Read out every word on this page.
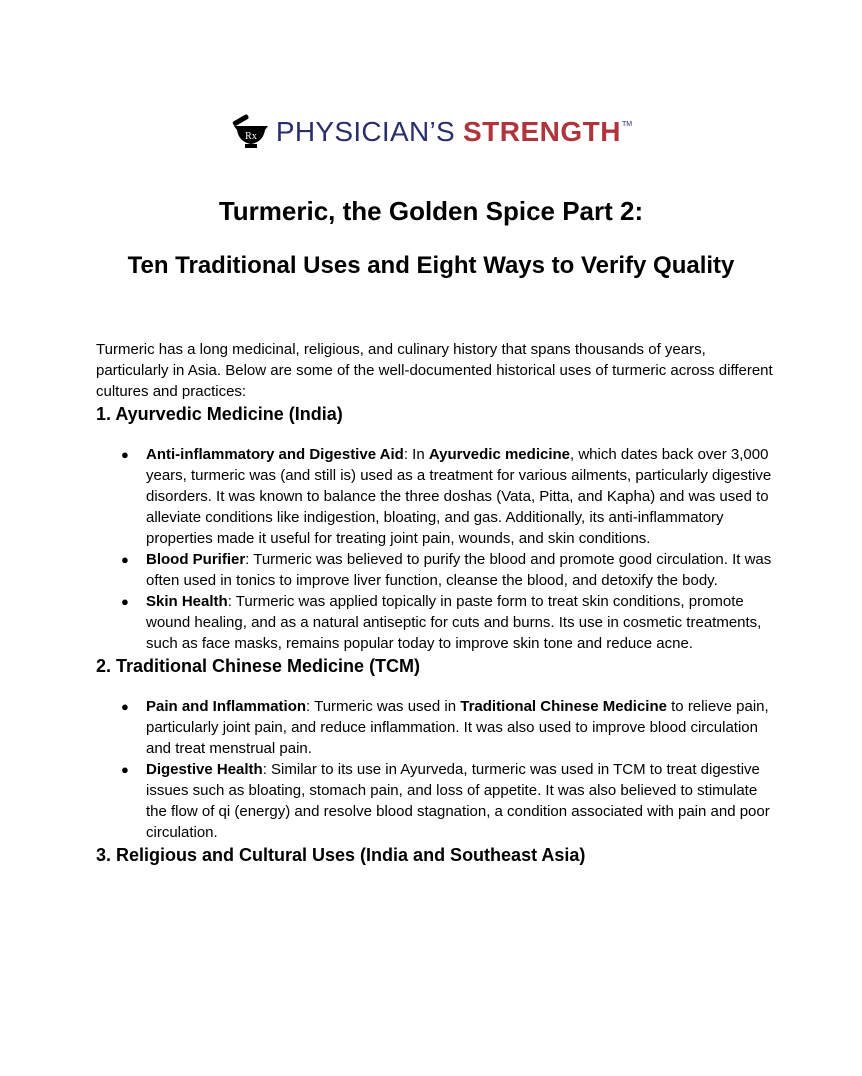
Rx PHYSICIAN’S STRENGTH TM
Turmeric, the Golden Spice Part 2:
Ten Traditional Uses and Eight Ways to Verify Quality

Turmeric has a long medicinal, religious, and culinary history that spans thousands of years, particularly in Asia. Below are some of the well-documented historical uses of turmeric across different cultures and practices:

1. Ayurvedic Medicine (India)

● Anti-inflammatory and Digestive Aid: In Ayurvedic medicine, which dates back over 3,000 years, turmeric was (and still is) used as a treatment for various ailments, particularly digestive disorders. It was known to balance the three doshas (Vata, Pitta, and Kapha) and was used to alleviate conditions like indigestion, bloating, and gas. Additionally, its anti-inflammatory properties made it useful for treating joint pain, wounds, and skin conditions.
● Blood Purifier: Turmeric was believed to purify the blood and promote good circulation. It was often used in tonics to improve liver function, cleanse the blood, and detoxify the body.
● Skin Health: Turmeric was applied topically in paste form to treat skin conditions, promote wound healing, and as a natural antiseptic for cuts and burns. Its use in cosmetic treatments, such as face masks, remains popular today to improve skin tone and reduce acne.

2. Traditional Chinese Medicine (TCM)

● Pain and Inflammation: Turmeric was used in Traditional Chinese Medicine to relieve pain, particularly joint pain, and reduce inflammation. It was also used to improve blood circulation and treat menstrual pain.
● Digestive Health: Similar to its use in Ayurveda, turmeric was used in TCM to treat digestive issues such as bloating, stomach pain, and loss of appetite. It was also believed to stimulate the flow of qi (energy) and resolve blood stagnation, a condition associated with pain and poor circulation.

3. Religious and Cultural Uses (India and Southeast Asia)
